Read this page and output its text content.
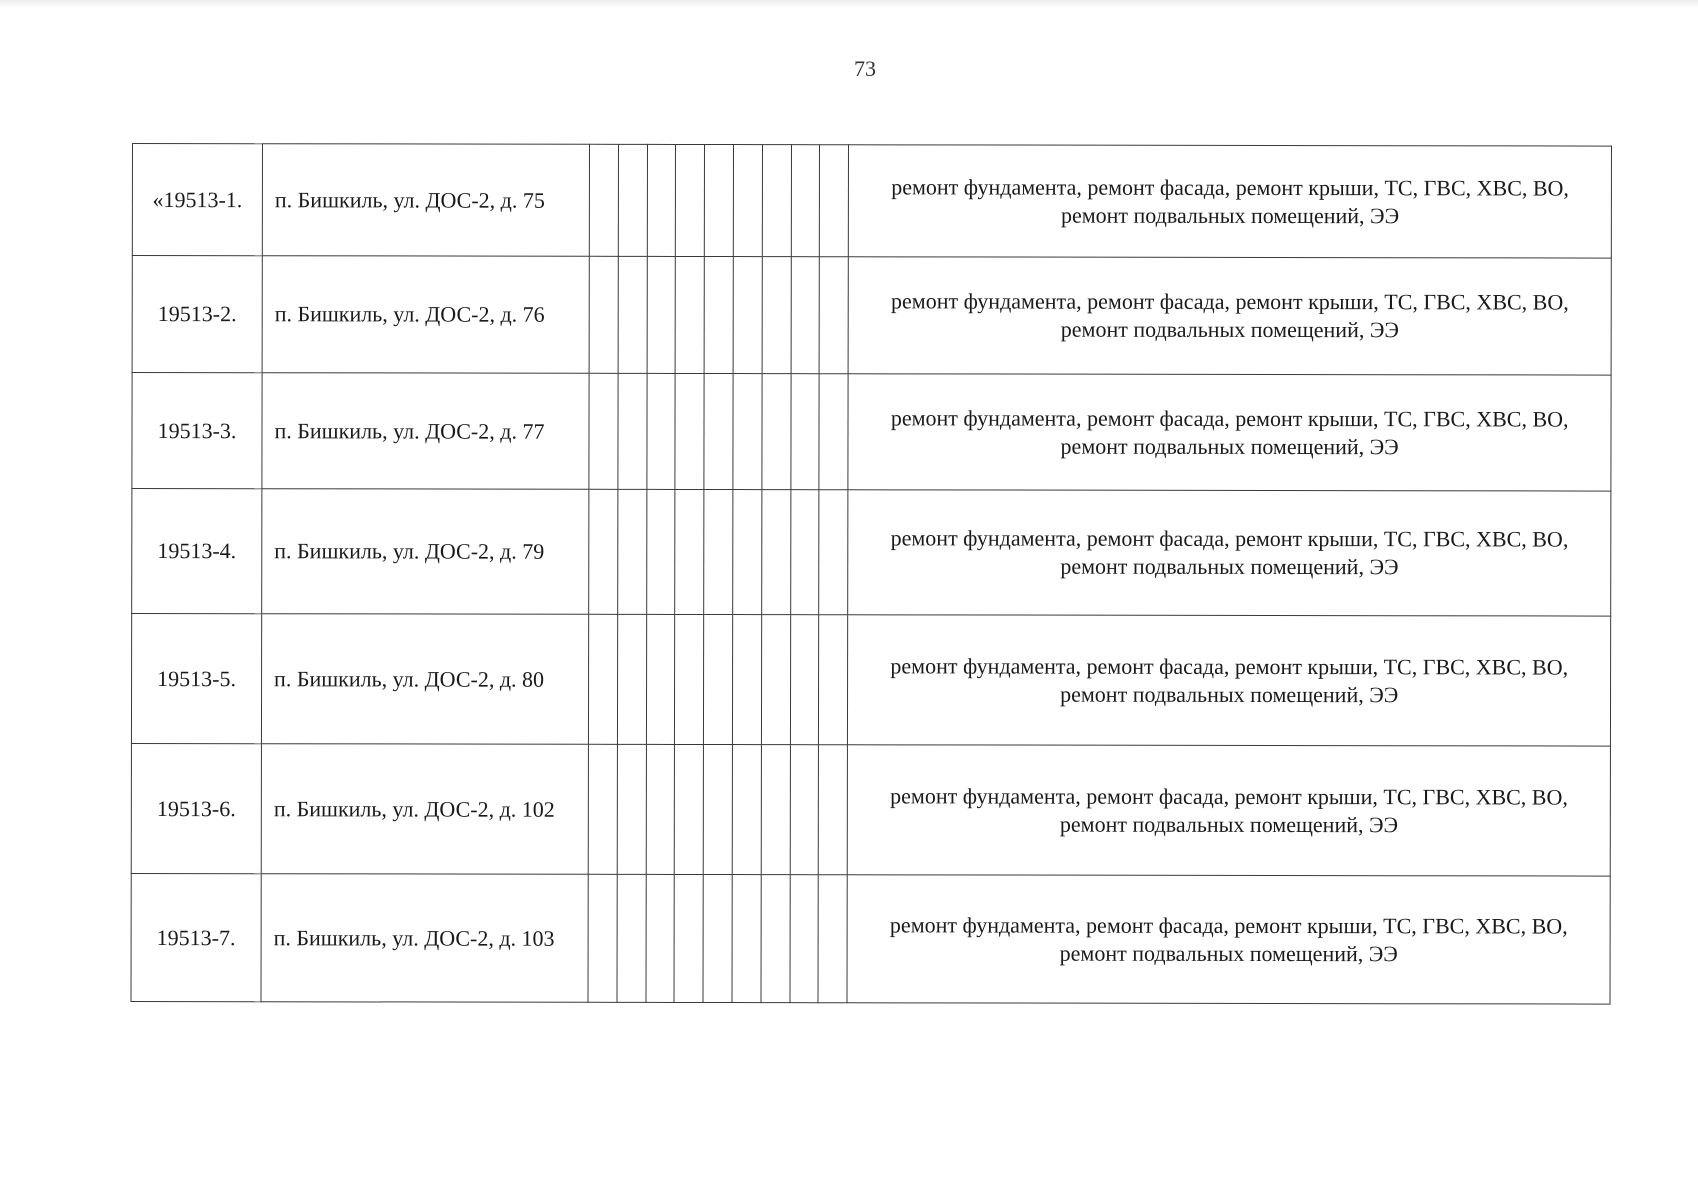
73
«19513-1.	п. Бишкиль, ул. ДОС-2, д. 75										ремонт фундамента, ремонт фасада, ремонт крыши, ТС, ГВС, ХВС, ВО, ремонт подвальных помещений, ЭЭ
19513-2.	п. Бишкиль, ул. ДОС-2, д. 76										ремонт фундамента, ремонт фасада, ремонт крыши, ТС, ГВС, ХВС, ВО, ремонт подвальных помещений, ЭЭ
19513-3.	п. Бишкиль, ул. ДОС-2, д. 77										ремонт фундамента, ремонт фасада, ремонт крыши, ТС, ГВС, ХВС, ВО, ремонт подвальных помещений, ЭЭ
19513-4.	п. Бишкиль, ул. ДОС-2, д. 79										ремонт фундамента, ремонт фасада, ремонт крыши, ТС, ГВС, ХВС, ВО, ремонт подвальных помещений, ЭЭ
19513-5.	п. Бишкиль, ул. ДОС-2, д. 80										ремонт фундамента, ремонт фасада, ремонт крыши, ТС, ГВС, ХВС, ВО, ремонт подвальных помещений, ЭЭ
19513-6.	п. Бишкиль, ул. ДОС-2, д. 102										ремонт фундамента, ремонт фасада, ремонт крыши, ТС, ГВС, ХВС, ВО, ремонт подвальных помещений, ЭЭ
19513-7.	п. Бишкиль, ул. ДОС-2, д. 103										ремонт фундамента, ремонт фасада, ремонт крыши, ТС, ГВС, ХВС, ВО, ремонт подвальных помещений, ЭЭ
